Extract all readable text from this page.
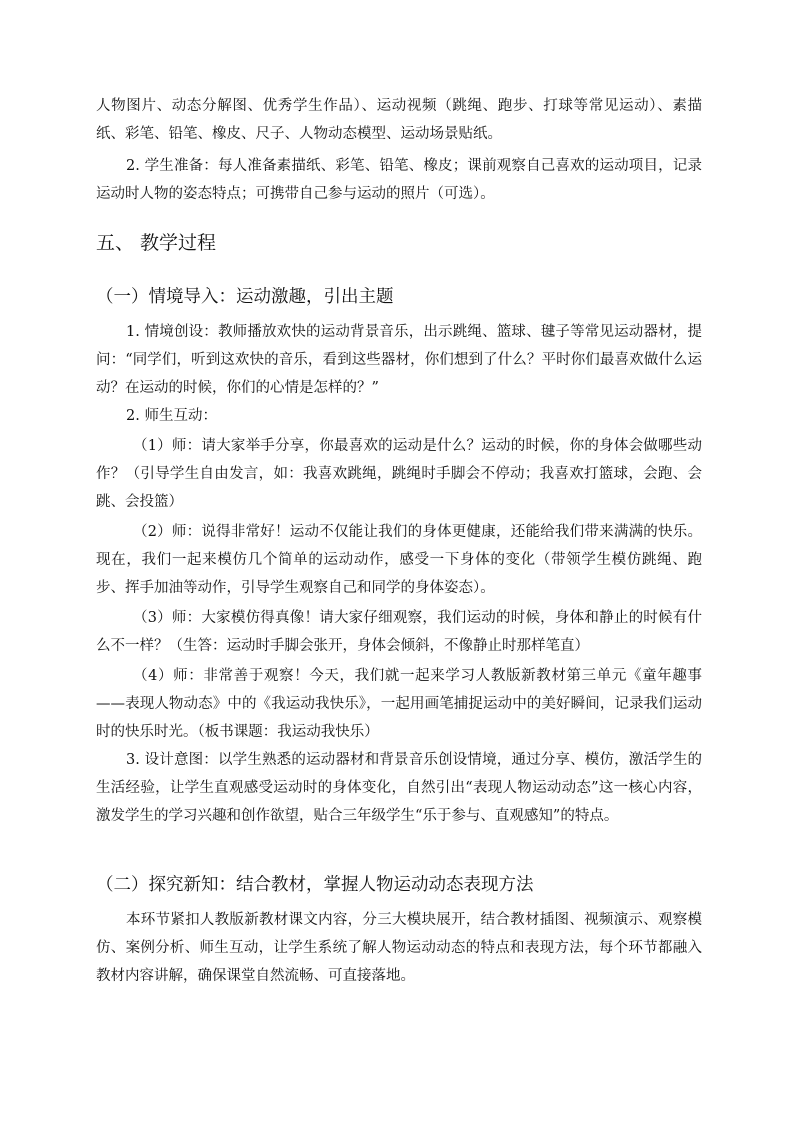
人物图片、动态分解图、优秀学生作品）、运动视频（跳绳、跑步、打球等常见运动）、素描纸、彩笔、铅笔、橡皮、尺子、人物动态模型、运动场景贴纸。

2. 学生准备：每人准备素描纸、彩笔、铅笔、橡皮；课前观察自己喜欢的运动项目，记录运动时人物的姿态特点；可携带自己参与运动的照片（可选）。

五、 教学过程
（一）情境导入：运动激趣，引出主题

1. 情境创设：教师播放欢快的运动背景音乐，出示跳绳、篮球、毽子等常见运动器材，提问：“同学们，听到这欢快的音乐，看到这些器材，你们想到了什么？平时你们最喜欢做什么运动？在运动的时候，你们的心情是怎样的？”

2. 师生互动：

（1）师：请大家举手分享，你最喜欢的运动是什么？运动的时候，你的身体会做哪些动作？（引导学生自由发言，如：我喜欢跳绳，跳绳时手脚会不停动；我喜欢打篮球，会跑、会跳、会投篮）

（2）师：说得非常好！运动不仅能让我们的身体更健康，还能给我们带来满满的快乐。现在，我们一起来模仿几个简单的运动动作，感受一下身体的变化（带领学生模仿跳绳、跑步、挥手加油等动作，引导学生观察自己和同学的身体姿态）。

（3）师：大家模仿得真像！请大家仔细观察，我们运动的时候，身体和静止的时候有什么不一样？（生答：运动时手脚会张开，身体会倾斜，不像静止时那样笔直）

（4）师：非常善于观察！今天，我们就一起来学习人教版新教材第三单元《童年趣事——表现人物动态》中的《我运动我快乐》，一起用画笔捕捉运动中的美好瞬间，记录我们运动时的快乐时光。（板书课题：我运动我快乐）

3. 设计意图：以学生熟悉的运动器材和背景音乐创设情境，通过分享、模仿，激活学生的生活经验，让学生直观感受运动时的身体变化，自然引出“表现人物运动动态”这一核心内容，激发学生的学习兴趣和创作欲望，贴合三年级学生“乐于参与、直观感知”的特点。

（二）探究新知：结合教材，掌握人物运动动态表现方法

本环节紧扣人教版新教材课文内容，分三大模块展开，结合教材插图、视频演示、观察模仿、案例分析、师生互动，让学生系统了解人物运动动态的特点和表现方法，每个环节都融入教材内容讲解，确保课堂自然流畅、可直接落地。
